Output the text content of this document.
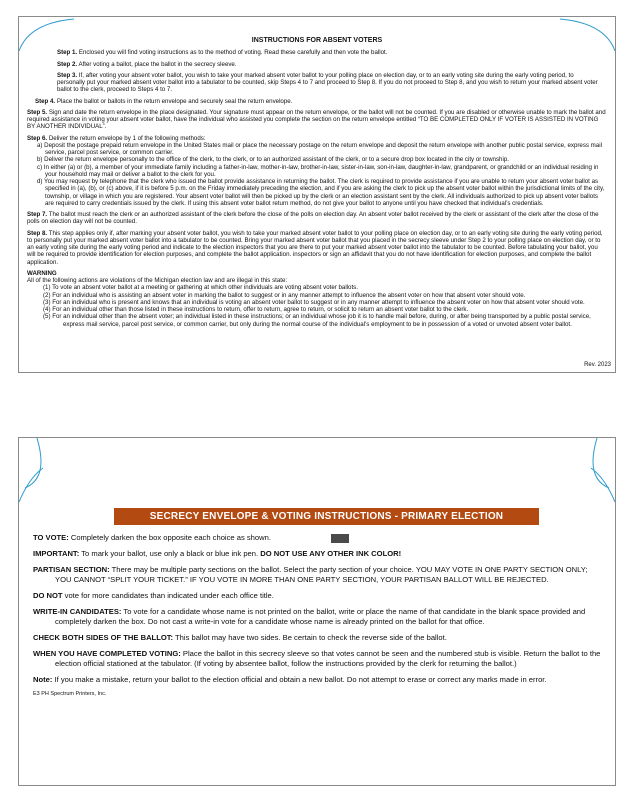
INSTRUCTIONS FOR ABSENT VOTERS
Step 1. Enclosed you will find voting instructions as to the method of voting. Read these carefully and then vote the ballot.
Step 2. After voting a ballot, place the ballot in the secrecy sleeve.
Step 3. If, after voting your absent voter ballot, you wish to take your marked absent voter ballot to your polling place on election day, or to an early voting site during the early voting period, to personally put your marked absent voter ballot into a tabulator to be counted, skip Steps 4 to 7 and proceed to Step 8. If you do not proceed to Step 8, and you wish to return your marked absent voter ballot to the clerk, proceed to Steps 4 to 7.
Step 4. Place the ballot or ballots in the return envelope and securely seal the return envelope.
Step 5. Sign and date the return envelope in the place designated. Your signature must appear on the return envelope, or the ballot will not be counted. If you are disabled or otherwise unable to mark the ballot and required assistance in voting your absent voter ballot, have the individual who assisted you complete the section on the return envelope entitled “TO BE COMPLETED ONLY IF VOTER IS ASSISTED IN VOTING BY ANOTHER INDIVIDUAL”.
Step 6. Deliver the return envelope by 1 of the following methods:
a) Deposit the postage prepaid return envelope in the United States mail or place the necessary postage on the return envelope and deposit the return envelope with another public postal service, express mail service, parcel post service, or common carrier.
b) Deliver the return envelope personally to the office of the clerk, to the clerk, or to an authorized assistant of the clerk, or to a secure drop box located in the city or township.
c) In either (a) or (b), a member of your immediate family including a father-in-law, mother-in-law, brother-in-law, sister-in-law, son-in-law, daughter-in-law, grandparent, or grandchild or an individual residing in your household may mail or deliver a ballot to the clerk for you.
d) You may request by telephone that the clerk who issued the ballot provide assistance in returning the ballot. The clerk is required to provide assistance if you are unable to return your absent voter ballot as specified in (a), (b), or (c) above, if it is before 5 p.m. on the Friday immediately preceding the election, and if you are asking the clerk to pick up the absent voter ballot within the jurisdictional limits of the city, township, or village in which you are registered. Your absent voter ballot will then be picked up by the clerk or an election assistant sent by the clerk. All individuals authorized to pick up absent voter ballots are required to carry credentials issued by the clerk. If using this absent voter ballot return method, do not give your ballot to anyone until you have checked that individual’s credentials.
Step 7. The ballot must reach the clerk or an authorized assistant of the clerk before the close of the polls on election day. An absent voter ballot received by the clerk or assistant of the clerk after the close of the polls on election day will not be counted.
Step 8. This step applies only if, after marking your absent voter ballot, you wish to take your marked absent voter ballot to your polling place on election day, or to an early voting site during the early voting period, to personally put your marked absent voter ballot into a tabulator to be counted. Bring your marked absent voter ballot that you placed in the secrecy sleeve under Step 2 to your polling place on election day, or to an early voting site during the early voting period and indicate to the election inspectors that you are there to put your marked absent voter ballot into the tabulator to be counted. Before tabulating your ballot, you will be required to provide identification for election purposes, and complete the ballot application. inspectors or sign an affidavit that you do not have identification for election purposes, and complete the ballot application.
WARNING
All of the following actions are violations of the Michigan election law and are illegal in this state:
(1) To vote an absent voter ballot at a meeting or gathering at which other individuals are voting absent voter ballots.
(2) For an individual who is assisting an absent voter in marking the ballot to suggest or in any manner attempt to influence the absent voter on how that absent voter should vote.
(3) For an individual who is present and knows that an individual is voting an absent voter ballot to suggest or in any manner attempt to influence the absent voter on how that absent voter should vote.
(4) For an individual other than those listed in these instructions to return, offer to return, agree to return, or solicit to return an absent voter ballot to the clerk.
(5) For an individual other than the absent voter; an individual listed in these instructions; or an individual whose job it is to handle mail before, during, or after being transported by a public postal service, express mail service, parcel post service, or common carrier, but only during the normal course of the individual’s employment to be in possession of a voted or unvoted absent voter ballot.
Rev. 2023
SECRECY ENVELOPE & VOTING INSTRUCTIONS - PRIMARY ELECTION
TO VOTE: Completely darken the box opposite each choice as shown.
IMPORTANT: To mark your ballot, use only a black or blue ink pen. DO NOT USE ANY OTHER INK COLOR!
PARTISAN SECTION: There may be multiple party sections on the ballot. Select the party section of your choice. YOU MAY VOTE IN ONE PARTY SECTION ONLY; YOU CANNOT “SPLIT YOUR TICKET.” IF YOU VOTE IN MORE THAN ONE PARTY SECTION, YOUR PARTISAN BALLOT WILL BE REJECTED.
DO NOT vote for more candidates than indicated under each office title.
WRITE-IN CANDIDATES: To vote for a candidate whose name is not printed on the ballot, write or place the name of that candidate in the blank space provided and completely darken the box. Do not cast a write-in vote for a candidate whose name is already printed on the ballot for that office.
CHECK BOTH SIDES OF THE BALLOT: This ballot may have two sides. Be certain to check the reverse side of the ballot.
WHEN YOU HAVE COMPLETED VOTING: Place the ballot in this secrecy sleeve so that votes cannot be seen and the numbered stub is visible. Return the ballot to the election official stationed at the tabulator. (If voting by absentee ballot, follow the instructions provided by the clerk for returning the ballot.)
Note: If you make a mistake, return your ballot to the election official and obtain a new ballot. Do not attempt to erase or correct any marks made in error.
E3 PH Spectrum Printers, Inc.
